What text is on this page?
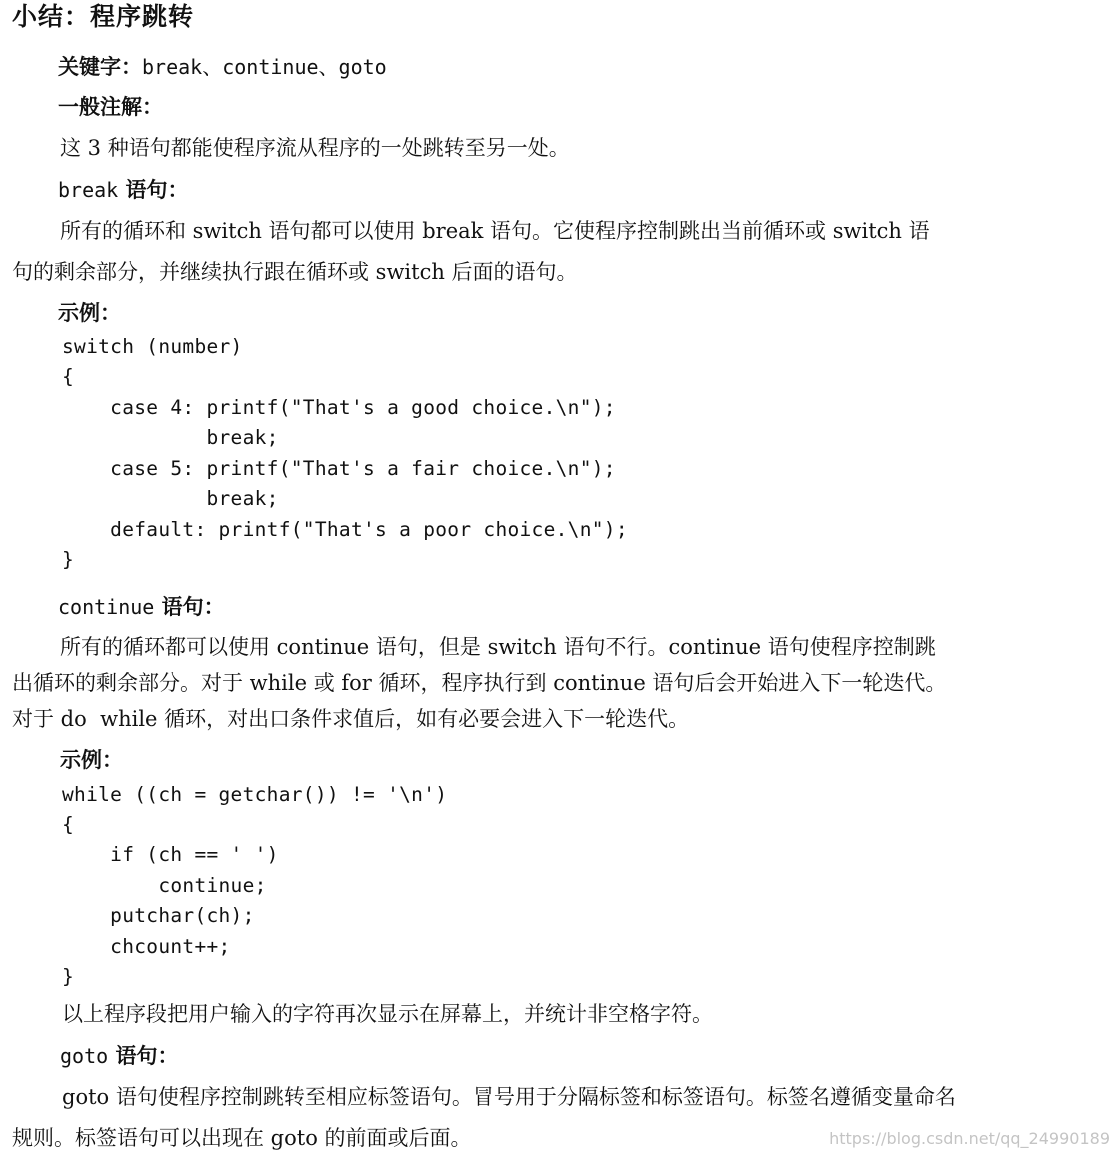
小结：程序跳转
关键字：break、continue、goto
一般注解：
这 3 种语句都能使程序流从程序的一处跳转至另一处。
break 语句：
所有的循环和 switch 语句都可以使用 break 语句。它使程序控制跳出当前循环或 switch 语
句的剩余部分，并继续执行跟在循环或 switch 后面的语句。
示例：
switch (number)
{
case 4: printf("That's a good choice.\n");
break;
case 5: printf("That's a fair choice.\n");
break;
default: printf("That's a poor choice.\n");
}
continue 语句：
所有的循环都可以使用 continue 语句，但是 switch 语句不行。continue 语句使程序控制跳
出循环的剩余部分。对于 while 或 for 循环，程序执行到 continue 语句后会开始进入下一轮迭代。
对于 do  while 循环，对出口条件求值后，如有必要会进入下一轮迭代。
示例：
while ((ch = getchar()) != '\n')
{
if (ch == ' ')
continue;
putchar(ch);
chcount++;
}
以上程序段把用户输入的字符再次显示在屏幕上，并统计非空格字符。
goto 语句：
goto 语句使程序控制跳转至相应标签语句。冒号用于分隔标签和标签语句。标签名遵循变量命名
规则。标签语句可以出现在 goto 的前面或后面。	https://blog.csdn.net/qq_24990189
